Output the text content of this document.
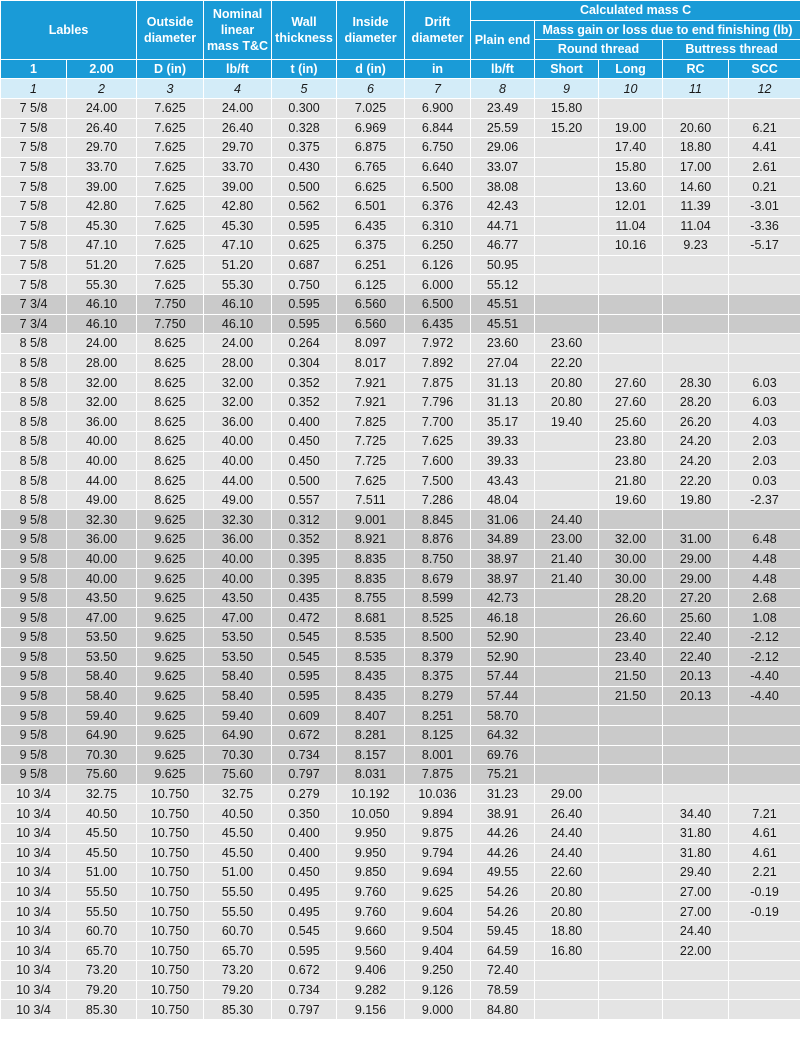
Lables		Outside diameter	Nominal linear mass T&C	Wall thickness	Inside diameter	Drift diameter	Calculated mass C				
							Plain end	Mass gain or loss due to end finishing (lb)			
								Round thread		Buttress thread	
1	2.00	D (in)	lb/ft	t (in)	d (in)	in	lb/ft	Short	Long	RC	SCC
1	2	3	4	5	6	7	8	9	10	11	12
7 5/8	24.00	7.625	24.00	0.300	7.025	6.900	23.49	15.80			
7 5/8	26.40	7.625	26.40	0.328	6.969	6.844	25.59	15.20	19.00	20.60	6.21
7 5/8	29.70	7.625	29.70	0.375	6.875	6.750	29.06		17.40	18.80	4.41
7 5/8	33.70	7.625	33.70	0.430	6.765	6.640	33.07		15.80	17.00	2.61
7 5/8	39.00	7.625	39.00	0.500	6.625	6.500	38.08		13.60	14.60	0.21
7 5/8	42.80	7.625	42.80	0.562	6.501	6.376	42.43		12.01	11.39	-3.01
7 5/8	45.30	7.625	45.30	0.595	6.435	6.310	44.71		11.04	11.04	-3.36
7 5/8	47.10	7.625	47.10	0.625	6.375	6.250	46.77		10.16	9.23	-5.17
7 5/8	51.20	7.625	51.20	0.687	6.251	6.126	50.95				
7 5/8	55.30	7.625	55.30	0.750	6.125	6.000	55.12				
7 3/4	46.10	7.750	46.10	0.595	6.560	6.500	45.51				
7 3/4	46.10	7.750	46.10	0.595	6.560	6.435	45.51				
8 5/8	24.00	8.625	24.00	0.264	8.097	7.972	23.60	23.60			
8 5/8	28.00	8.625	28.00	0.304	8.017	7.892	27.04	22.20			
8 5/8	32.00	8.625	32.00	0.352	7.921	7.875	31.13	20.80	27.60	28.30	6.03
8 5/8	32.00	8.625	32.00	0.352	7.921	7.796	31.13	20.80	27.60	28.20	6.03
8 5/8	36.00	8.625	36.00	0.400	7.825	7.700	35.17	19.40	25.60	26.20	4.03
8 5/8	40.00	8.625	40.00	0.450	7.725	7.625	39.33		23.80	24.20	2.03
8 5/8	40.00	8.625	40.00	0.450	7.725	7.600	39.33		23.80	24.20	2.03
8 5/8	44.00	8.625	44.00	0.500	7.625	7.500	43.43		21.80	22.20	0.03
8 5/8	49.00	8.625	49.00	0.557	7.511	7.286	48.04		19.60	19.80	-2.37
9 5/8	32.30	9.625	32.30	0.312	9.001	8.845	31.06	24.40			
9 5/8	36.00	9.625	36.00	0.352	8.921	8.876	34.89	23.00	32.00	31.00	6.48
9 5/8	40.00	9.625	40.00	0.395	8.835	8.750	38.97	21.40	30.00	29.00	4.48
9 5/8	40.00	9.625	40.00	0.395	8.835	8.679	38.97	21.40	30.00	29.00	4.48
9 5/8	43.50	9.625	43.50	0.435	8.755	8.599	42.73		28.20	27.20	2.68
9 5/8	47.00	9.625	47.00	0.472	8.681	8.525	46.18		26.60	25.60	1.08
9 5/8	53.50	9.625	53.50	0.545	8.535	8.500	52.90		23.40	22.40	-2.12
9 5/8	53.50	9.625	53.50	0.545	8.535	8.379	52.90		23.40	22.40	-2.12
9 5/8	58.40	9.625	58.40	0.595	8.435	8.375	57.44		21.50	20.13	-4.40
9 5/8	58.40	9.625	58.40	0.595	8.435	8.279	57.44		21.50	20.13	-4.40
9 5/8	59.40	9.625	59.40	0.609	8.407	8.251	58.70				
9 5/8	64.90	9.625	64.90	0.672	8.281	8.125	64.32				
9 5/8	70.30	9.625	70.30	0.734	8.157	8.001	69.76				
9 5/8	75.60	9.625	75.60	0.797	8.031	7.875	75.21				
10 3/4	32.75	10.750	32.75	0.279	10.192	10.036	31.23	29.00			
10 3/4	40.50	10.750	40.50	0.350	10.050	9.894	38.91	26.40		34.40	7.21
10 3/4	45.50	10.750	45.50	0.400	9.950	9.875	44.26	24.40		31.80	4.61
10 3/4	45.50	10.750	45.50	0.400	9.950	9.794	44.26	24.40		31.80	4.61
10 3/4	51.00	10.750	51.00	0.450	9.850	9.694	49.55	22.60		29.40	2.21
10 3/4	55.50	10.750	55.50	0.495	9.760	9.625	54.26	20.80		27.00	-0.19
10 3/4	55.50	10.750	55.50	0.495	9.760	9.604	54.26	20.80		27.00	-0.19
10 3/4	60.70	10.750	60.70	0.545	9.660	9.504	59.45	18.80		24.40	
10 3/4	65.70	10.750	65.70	0.595	9.560	9.404	64.59	16.80		22.00	
10 3/4	73.20	10.750	73.20	0.672	9.406	9.250	72.40				
10 3/4	79.20	10.750	79.20	0.734	9.282	9.126	78.59				
10 3/4	85.30	10.750	85.30	0.797	9.156	9.000	84.80				
